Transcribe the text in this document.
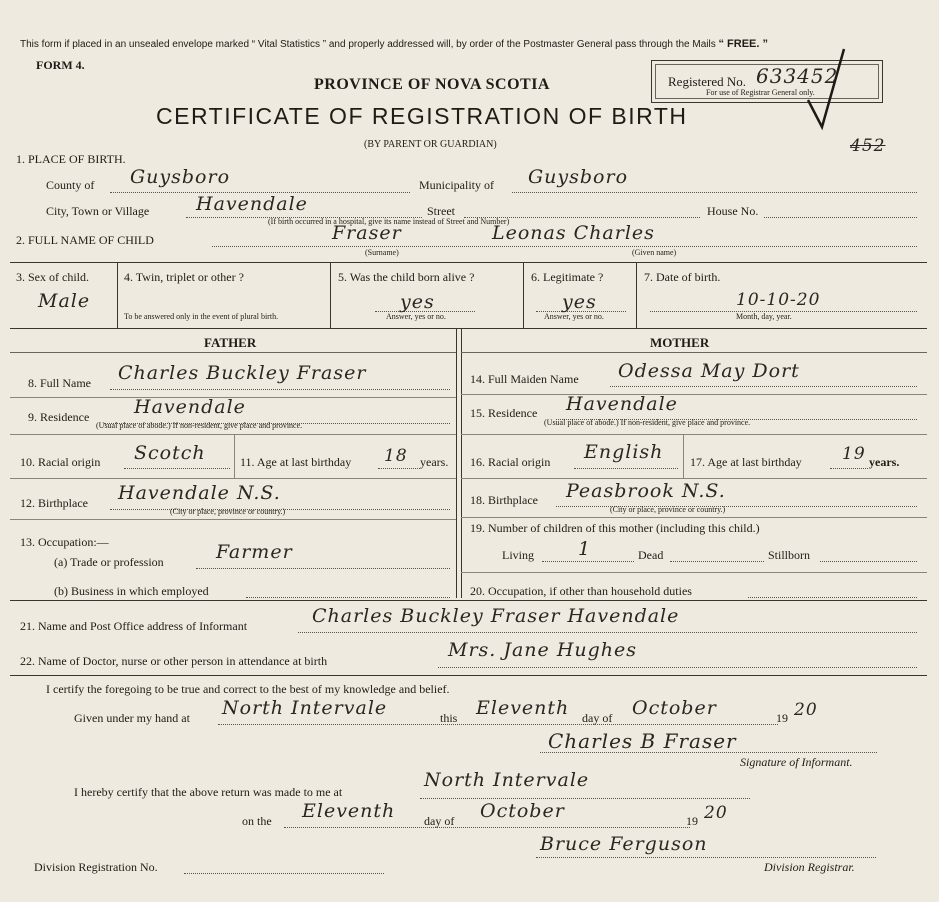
This form if placed in an unsealed envelope marked “ Vital Statistics ” and properly addressed will, by order of the Postmaster General pass through the Mails “ FREE. ”
FORM 4.
PROVINCE OF NOVA SCOTIA
CERTIFICATE OF REGISTRATION OF BIRTH
(BY PARENT OR GUARDIAN)
Registered No. 633452
For use of Registrar General only.
452
1. PLACE OF BIRTH.
County of Guysboro	Municipality of Guysboro
City, Town or Village Havendale	Street	House No.
(If birth occurred in a hospital, give its name instead of Street and Number)
2. FULL NAME OF CHILD	Fraser	Leonas Charles
(Surname)	(Given name)
3. Sex of child.
Male
4. Twin, triplet or other ?
To be answered only in the event of plural birth.
5. Was the child born alive ?
yes
Answer, yes or no.
6. Legitimate ?
yes
Answer, yes or no.
7. Date of birth.
10-10-20
Month, day, year.
FATHER	MOTHER
8. Full Name Charles Buckley Fraser
9. Residence Havendale
(Usual place of abode.) If non-resident, give place and province.
10. Racial origin Scotch	11. Age at last birthday 18 years.
12. Birthplace Havendale N.S.
(City or place, province or country.)
13. Occupation:—
(a) Trade or profession	Farmer
(b) Business in which employed
14. Full Maiden Name Odessa May Dort
15. Residence Havendale
(Usual place of abode.) If non-resident, give place and province.
16. Racial origin English 17. Age at last birthday 19 years.
18. Birthplace Peasbrook N.S.
(City or place, province or country.)
19. Number of children of this mother (including this child.)
Living 1	Dead	Stillborn
20. Occupation, if other than household duties
21. Name and Post Office address of Informant	Charles Buckley Fraser Havendale
22. Name of Doctor, nurse or other person in attendance at birth	Mrs. Jane Hughes
I certify the foregoing to be true and correct to the best of my knowledge and belief.
Given under my hand at North Intervale	this Eleventh day of October	19 20
Charles B Fraser
Signature of Informant.
I hereby certify that the above return was made to me at
North Intervale
on the Eleventh day of October	19 20
Bruce Ferguson
Division Registration No.	Division Registrar.
